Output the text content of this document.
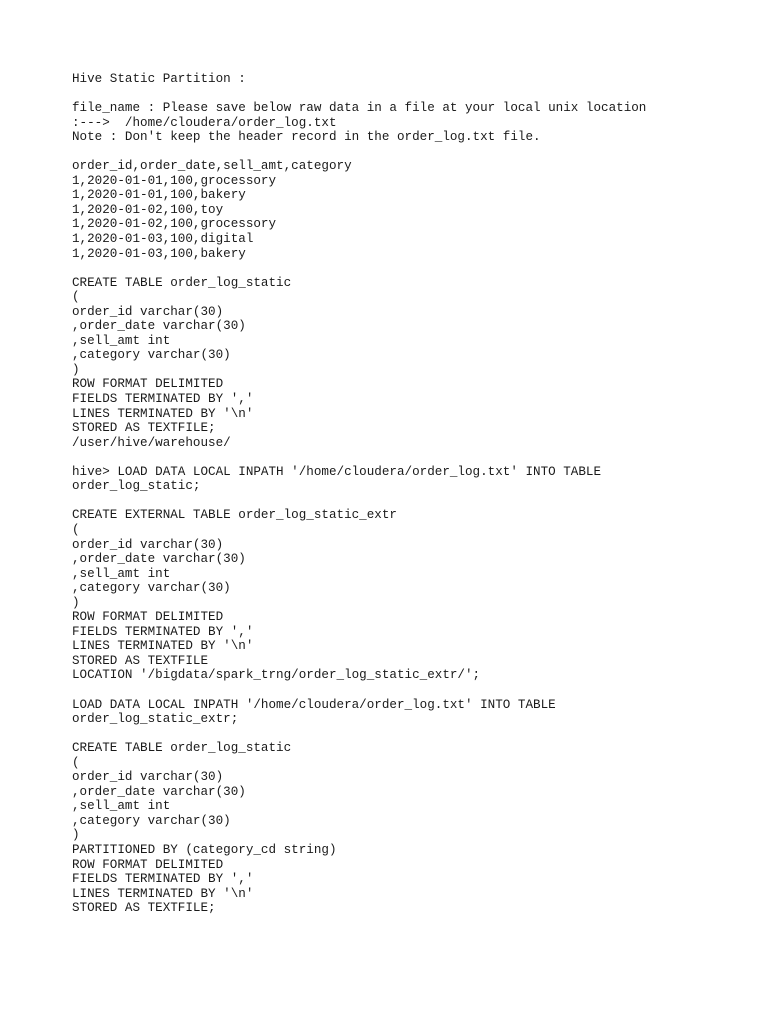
Hive Static Partition :
file_name : Please save below raw data in a file at your local unix location
:--->  /home/cloudera/order_log.txt
Note : Don't keep the header record in the order_log.txt file.
order_id,order_date,sell_amt,category
1,2020-01-01,100,grocessory
1,2020-01-01,100,bakery
1,2020-01-02,100,toy
1,2020-01-02,100,grocessory
1,2020-01-03,100,digital
1,2020-01-03,100,bakery
CREATE TABLE order_log_static
(
order_id varchar(30)
,order_date varchar(30)
,sell_amt int
,category varchar(30)
)
ROW FORMAT DELIMITED
FIELDS TERMINATED BY ','
LINES TERMINATED BY '\n'
STORED AS TEXTFILE;
/user/hive/warehouse/
hive> LOAD DATA LOCAL INPATH '/home/cloudera/order_log.txt' INTO TABLE
order_log_static;
CREATE EXTERNAL TABLE order_log_static_extr
(
order_id varchar(30)
,order_date varchar(30)
,sell_amt int
,category varchar(30)
)
ROW FORMAT DELIMITED
FIELDS TERMINATED BY ','
LINES TERMINATED BY '\n'
STORED AS TEXTFILE
LOCATION '/bigdata/spark_trng/order_log_static_extr/';
LOAD DATA LOCAL INPATH '/home/cloudera/order_log.txt' INTO TABLE
order_log_static_extr;
CREATE TABLE order_log_static
(
order_id varchar(30)
,order_date varchar(30)
,sell_amt int
,category varchar(30)
)
PARTITIONED BY (category_cd string)
ROW FORMAT DELIMITED
FIELDS TERMINATED BY ','
LINES TERMINATED BY '\n'
STORED AS TEXTFILE;
